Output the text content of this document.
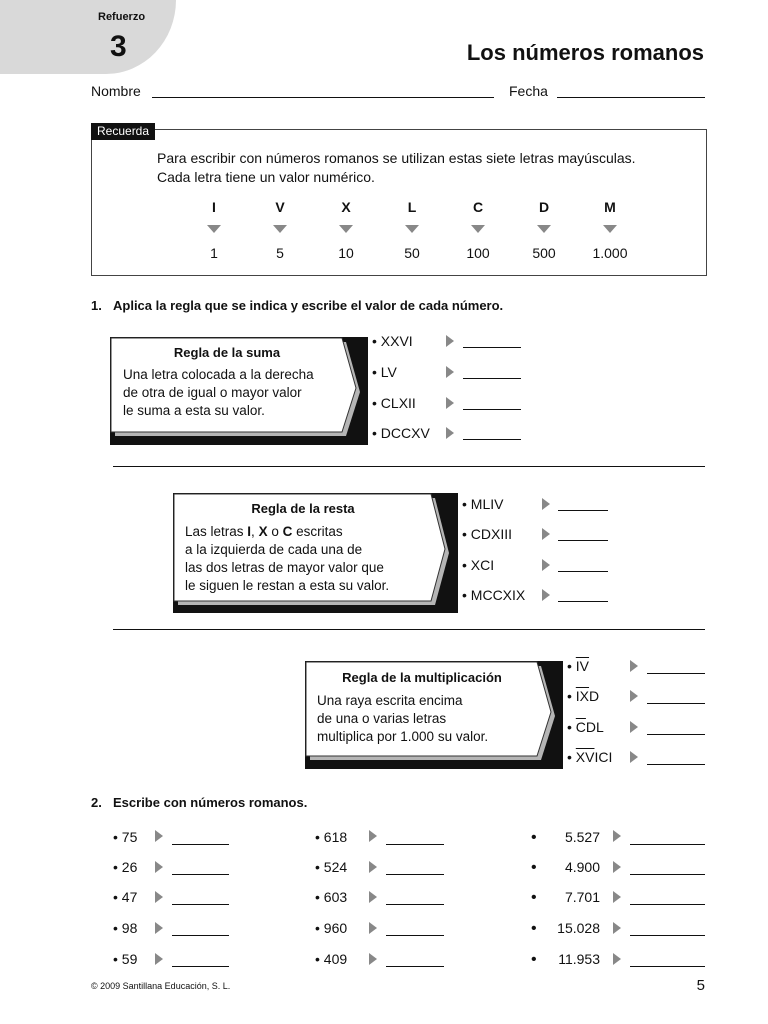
Refuerzo
3	Los números romanos
Nombre	Fecha
Recuerda
Para escribir con números romanos se utilizan estas siete letras mayúsculas.
Cada letra tiene un valor numérico.
I	V	X	L	C	D	M
1	5	10	50	100	500	1.000
1. Aplica la regla que se indica y escribe el valor de cada número.
Regla de la suma
Una letra colocada a la derecha
de otra de igual o mayor valor
le suma a esta su valor.
• XXVI
• LV
• CLXII
• DCCXV
Regla de la resta
Las letras I, X o C escritas
a la izquierda de cada una de
las dos letras de mayor valor que
le siguen le restan a esta su valor.
• MLIV
• CDXIII
• XCI
• MCCXIX
Regla de la multiplicación
Una raya escrita encima
de una o varias letras
multiplica por 1.000 su valor.
• $\overline{IV}$
• $\overline{IX}D$
• $\overline{C}DL$
• $\overline{XV}ICI$
2. Escribe con números romanos.
• 75
• 26
• 47
• 98
• 59
• 618
• 524
• 603
• 960
• 409
•	5.527
•	4.900
•	7.701
•	15.028
•	11.953
© 2009 Santillana Educación, S. L.	5
